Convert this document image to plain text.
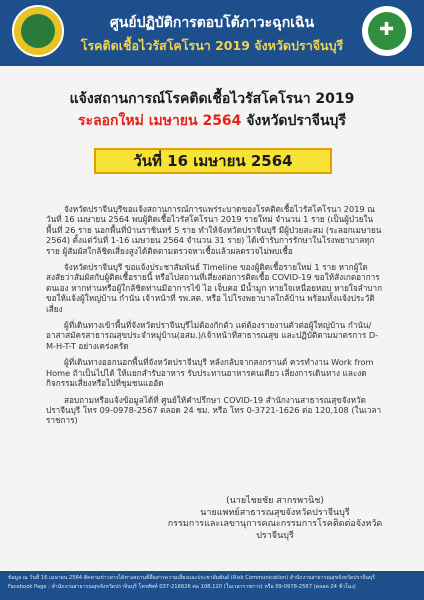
ศูนย์ปฏิบัติการตอบโต้ภาวะฉุกเฉิน
โรคติดเชื้อไวรัสโคโรนา 2019 จังหวัดปราจีนบุรี
✚
แจ้งสถานการณ์โรคติดเชื้อไวรัสโคโรนา 2019
ระลอกใหม่ เมษายน 2564 จังหวัดปราจีนบุรี
วันที่ 16 เมษายน 2564

จังหวัดปราจีนบุรีขอแจ้งสถานการณ์การแพร่ระบาดของโรคติดเชื้อไวรัสโคโรนา 2019 ณ วันที่ 16 เมษายน 2564 พบผู้ติดเชื้อไวรัสโคโรนา 2019 รายใหม่ จำนวน 1 ราย (เป็นผู้ป่วยในพื้นที่ 26 ราย นอกพื้นที่บ้านราชินทร์ 5 ราย ทำให้จังหวัดปราจีนบุรี มีผู้ป่วยสะสม (ระลอกเมษายน 2564) ตั้งแต่วันที่ 1-16 เมษายน 2564 จำนวน 31 ราย) ได้เข้ารับการรักษาในโรงพยาบาลทุกราย ผู้สัมผัสใกล้ชิดเสี่ยงสูงได้ติดตามตรวจหาเชื้อแล้วผลตรวจไม่พบเชื้อ

จังหวัดปราจีนบุรี ขอแจ้งประชาสัมพันธ์ Timeline ของผู้ติดเชื้อรายใหม่ 1 ราย หากผู้ใดสงสัยว่าสัมผัสกับผู้ติดเชื้อรายนี้ หรือไปสถานที่เสี่ยงต่อการติดเชื้อ COVID-19 ขอให้สังเกตอาการตนเอง หากท่านหรือผู้ใกล้ชิดท่านมีอาการไข้ ไอ เจ็บคอ มีน้ำมูก หายใจเหนื่อยหอบ หายใจลำบาก ขอให้แจ้งผู้ใหญ่บ้าน กำนัน เจ้าหน้าที่ รพ.สต. หรือ ไปโรงพยาบาลใกล้บ้าน พร้อมทั้งแจ้งประวัติเสี่ยง

ผู้ที่เดินทางเข้าพื้นที่จังหวัดปราจีนบุรีไม่ต้องกักตัว แต่ต้องรายงานตัวต่อผู้ใหญ่บ้าน กำนัน/อาสาสมัครสาธารณสุขประจำหมู่บ้าน(อสม.)/เจ้าหน้าที่สาธารณสุข และปฏิบัติตามมาตรการ D-M-H-T-T อย่างเคร่งครัด

ผู้ที่เดินทางออกนอกพื้นที่จังหวัดปราจีนบุรี หลังกลับจากสงกรานต์ ควรทำงาน Work from Home ถ้าเป็นไปได้ ให้แยกสำรับอาหาร รับประทานอาหารคนเดียว เลี่ยงการเดินทาง และงดกิจกรรมเสี่ยงหรือไปที่ชุมชนแออัด

สอบถามหรือแจ้งข้อมูลได้ที่ ศูนย์ให้คำปรึกษา COVID-19 สำนักงานสาธารณสุขจังหวัดปราจีนบุรี โทร 09-0978-2567 ตลอด 24 ชม. หรือ โทร 0-3721-1626 ต่อ 120,108 (ในเวลาราชการ)

(นายไชยชัย สากรพานิช)
นายแพทย์สาธารณสุขจังหวัดปราจีนบุรี
กรรมการและเลขานุการคณะกรรมการโรคติดต่อจังหวัดปราจีนบุรี
ข้อมูล ณ วันที่ 16 เมษายน 2564 ติดตามข่าวสารได้ทางสถานที่สื่อสารความเสี่ยงและประชาสัมพันธ์ (Risk Communication) สำนักงานสาธารณสุขจังหวัดปราจีนบุรี
Facebook Page : สำนักงานสาธารณสุขจังหวัดปราจีนบุรี โทรศัพท์ 037-216626 ต่อ 108,120 (ในเวลาราชการ) หรือ 09-0978-2567 (ตลอด 24 ชั่วโมง)
